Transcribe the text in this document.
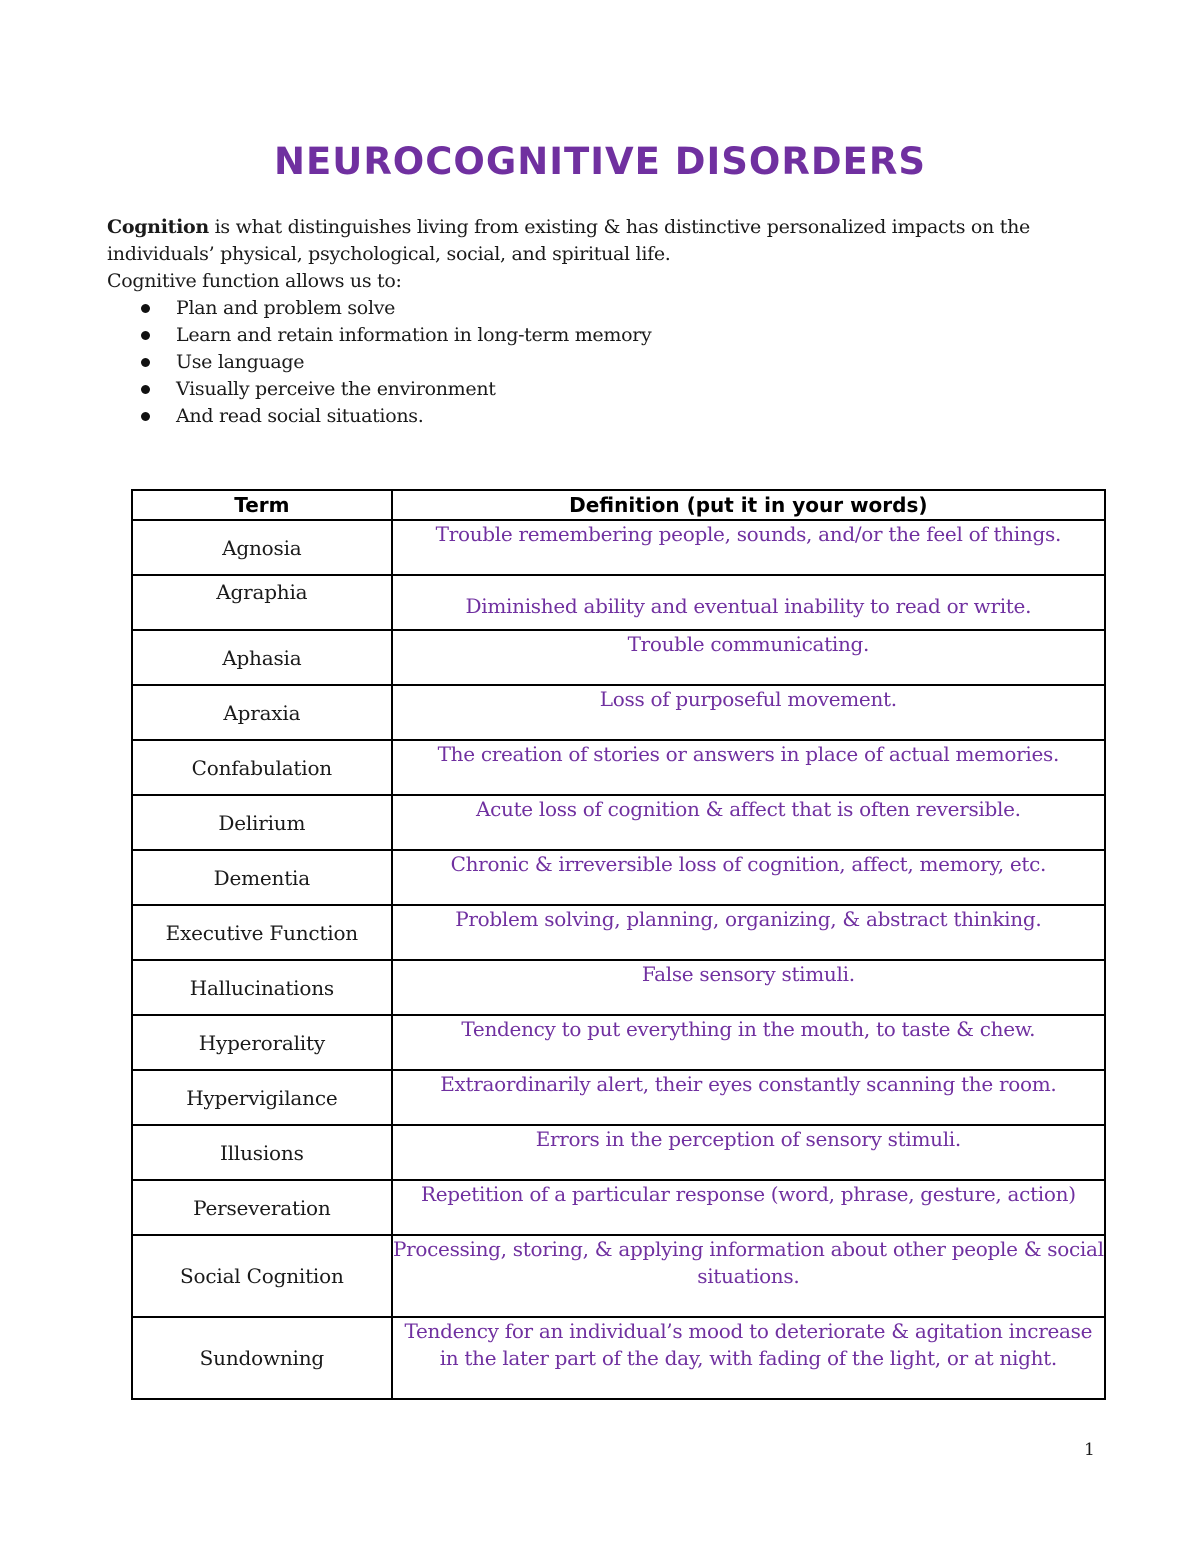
NEUROCOGNITIVE DISORDERS

Cognition is what distinguishes living from existing & has distinctive personalized impacts on the individuals’ physical, psychological, social, and spiritual life.

Cognitive function allows us to:

Plan and problem solve
Learn and retain information in long-term memory
Use language
Visually perceive the environment
And read social situations.
Term	Definition (put it in your words)
Agnosia	Trouble remembering people, sounds, and/or the feel of things.
Agraphia	Diminished ability and eventual inability to read or write.
Aphasia	Trouble communicating.
Apraxia	Loss of purposeful movement.
Confabulation	The creation of stories or answers in place of actual memories.
Delirium	Acute loss of cognition & affect that is often reversible.
Dementia	Chronic & irreversible loss of cognition, affect, memory, etc.
Executive Function	Problem solving, planning, organizing, & abstract thinking.
Hallucinations	False sensory stimuli.
Hyperorality	Tendency to put everything in the mouth, to taste & chew.
Hypervigilance	Extraordinarily alert, their eyes constantly scanning the room.
Illusions	Errors in the perception of sensory stimuli.
Perseveration	Repetition of a particular response (word, phrase, gesture, action)
Social Cognition	Processing, storing, & applying information about other people & social situations.
Sundowning	Tendency for an individual’s mood to deteriorate & agitation increase in the later part of the day, with fading of the light, or at night.
1
